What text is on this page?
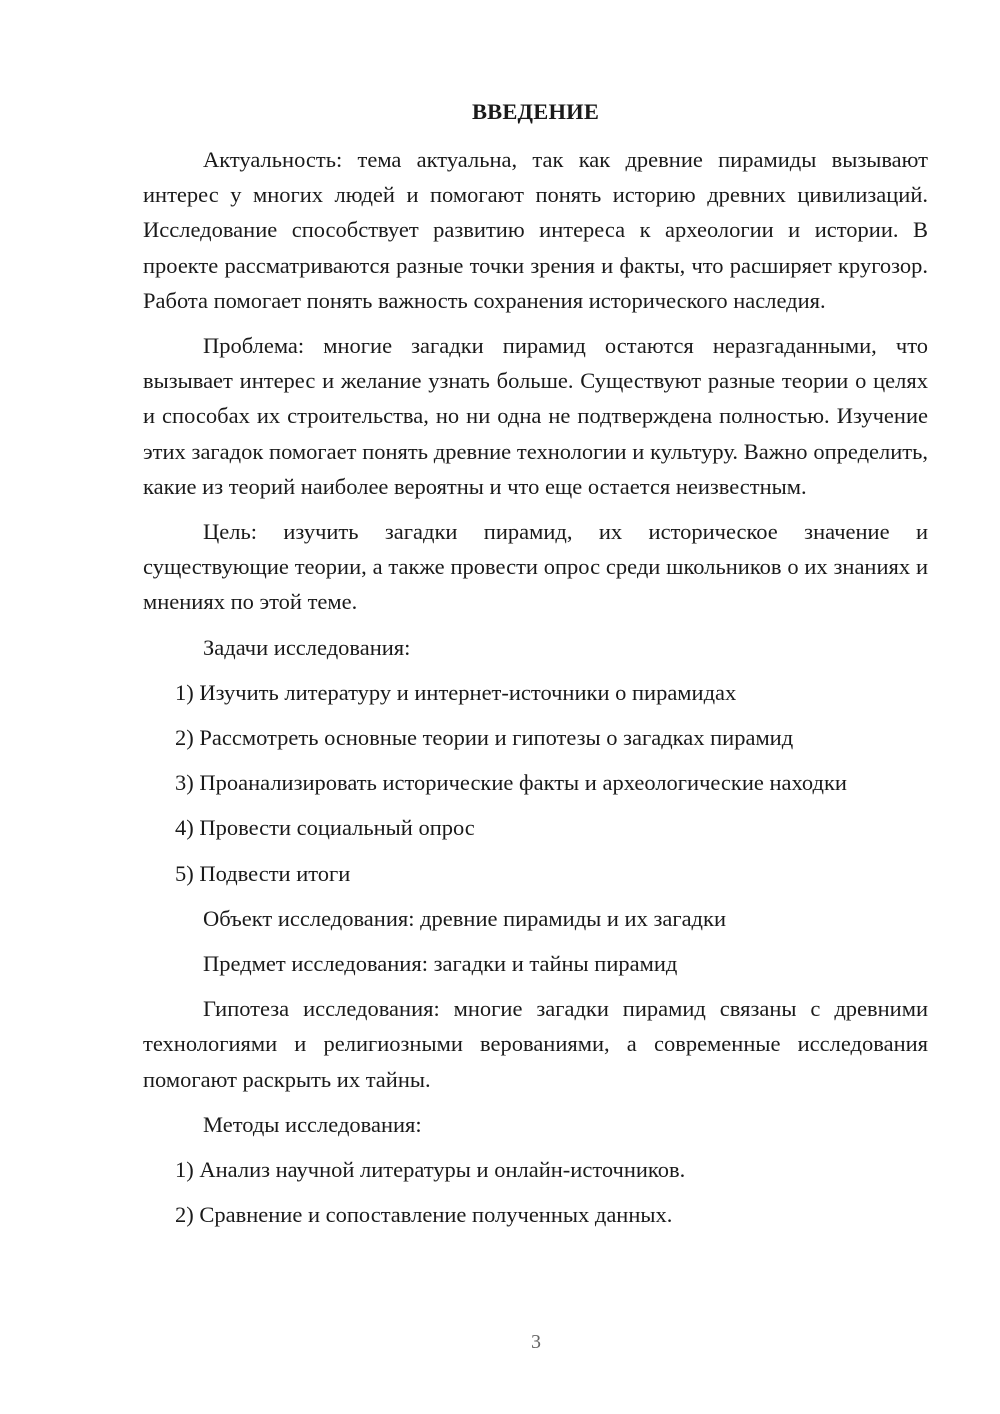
ВВЕДЕНИЕ

Актуальность: тема актуальна, так как древние пирамиды вызывают интерес у многих людей и помогают понять историю древних цивилизаций. Исследование способствует развитию интереса к археологии и истории. В проекте рассматриваются разные точки зрения и факты, что расширяет кругозор. Работа помогает понять важность сохранения исторического наследия.

Проблема: многие загадки пирамид остаются неразгаданными, что вызывает интерес и желание узнать больше. Существуют разные теории о целях и способах их строительства, но ни одна не подтверждена полностью. Изучение этих загадок помогает понять древние технологии и культуру. Важно определить, какие из теорий наиболее вероятны и что еще остается неизвестным.

Цель: изучить загадки пирамид, их историческое значение и существующие теории, а также провести опрос среди школьников о их знаниях и мнениях по этой теме.

Задачи исследования:
1) Изучить литературу и интернет-источники о пирамидах
2) Рассмотреть основные теории и гипотезы о загадках пирамид
3) Проанализировать исторические факты и археологические находки
4) Провести социальный опрос
5) Подвести итоги
Объект исследования: древние пирамиды и их загадки
Предмет исследования: загадки и тайны пирамид

Гипотеза исследования: многие загадки пирамид связаны с древними технологиями и религиозными верованиями, а современные исследования помогают раскрыть их тайны.

Методы исследования:
1) Анализ научной литературы и онлайн-источников.
2) Сравнение и сопоставление полученных данных.
3
